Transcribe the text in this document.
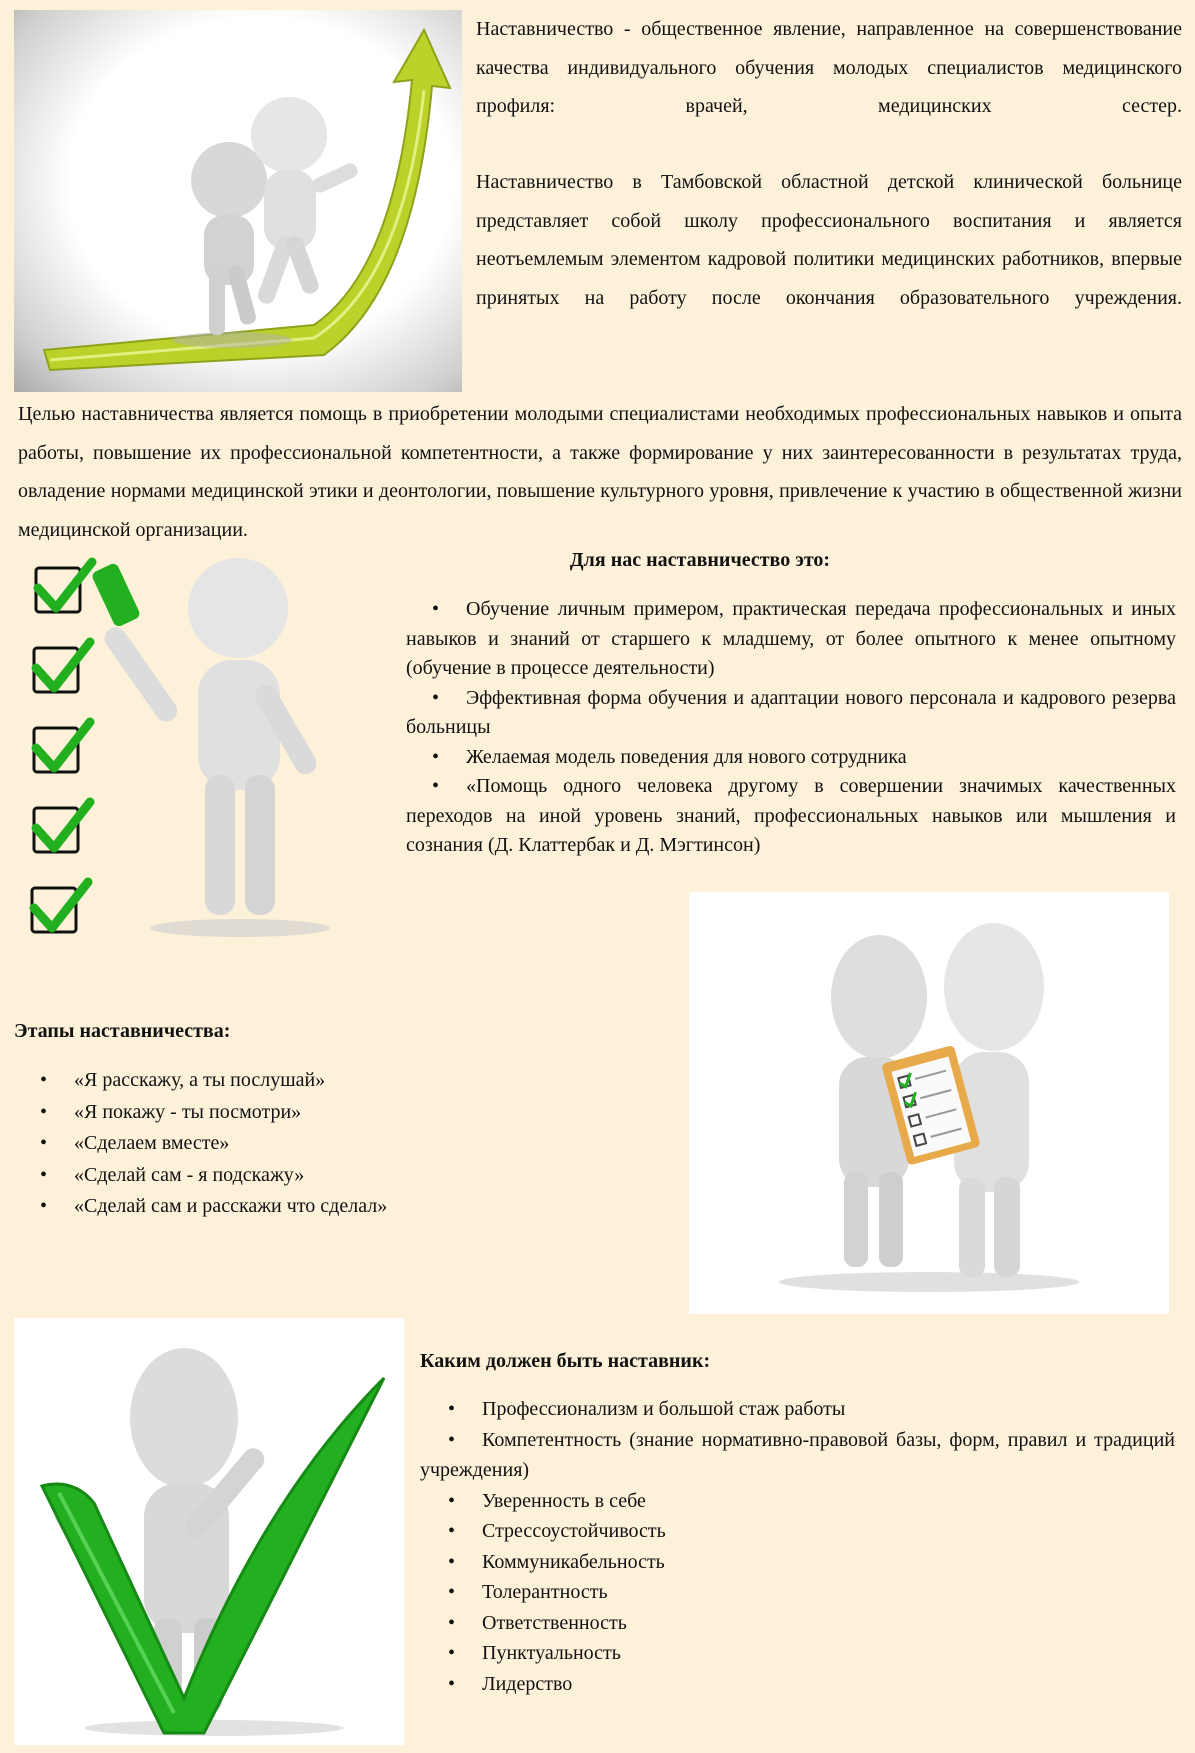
Наставничество - общественное явление, направленное на совершенствование качества индивидуального обучения молодых специалистов медицинского профиля: врачей, медицинских сестер.

Наставничество в Тамбовской областной детской клинической больнице представляет собой школу профессионального воспитания и является неотъемлемым элементом кадровой политики медицинских работников, впервые принятых на работу после окончания образовательного учреждения.

Целью наставничества является помощь в приобретении молодыми специалистами необходимых профессиональных навыков и опыта работы, повышение их профессиональной компетентности, а также формирование у них заинтересованности в результатах труда, овладение нормами медицинской этики и деонтологии, повышение культурного уровня, привлечение к участию в общественной жизни медицинской организации.

Для нас наставничество это:
• Обучение личным примером, практическая передача профессиональных и иных навыков и знаний от старшего к младшему, от более опытного к менее опытному (обучение в процессе деятельности)
• Эффективная форма обучения и адаптации нового персонала и кадрового резерва больницы
• Желаемая модель поведения для нового сотрудника
• «Помощь одного человека другому в совершении значимых качественных переходов на иной уровень знаний, профессиональных навыков или мышления и сознания (Д. Клаттербак и Д. Мэгтинсон)
Этапы наставничества:
• «Я расскажу, а ты послушай»
• «Я покажу - ты посмотри»
• «Сделаем вместе»
• «Сделай сам - я подскажу»
• «Сделай сам и расскажи что сделал»
Каким должен быть наставник:
• Профессионализм и большой стаж работы
• Компетентность (знание нормативно-правовой базы, форм, правил и традиций учреждения)
• Уверенность в себе
• Стрессоустойчивость
• Коммуникабельность
• Толерантность
• Ответственность
• Пунктуальность
• Лидерство
